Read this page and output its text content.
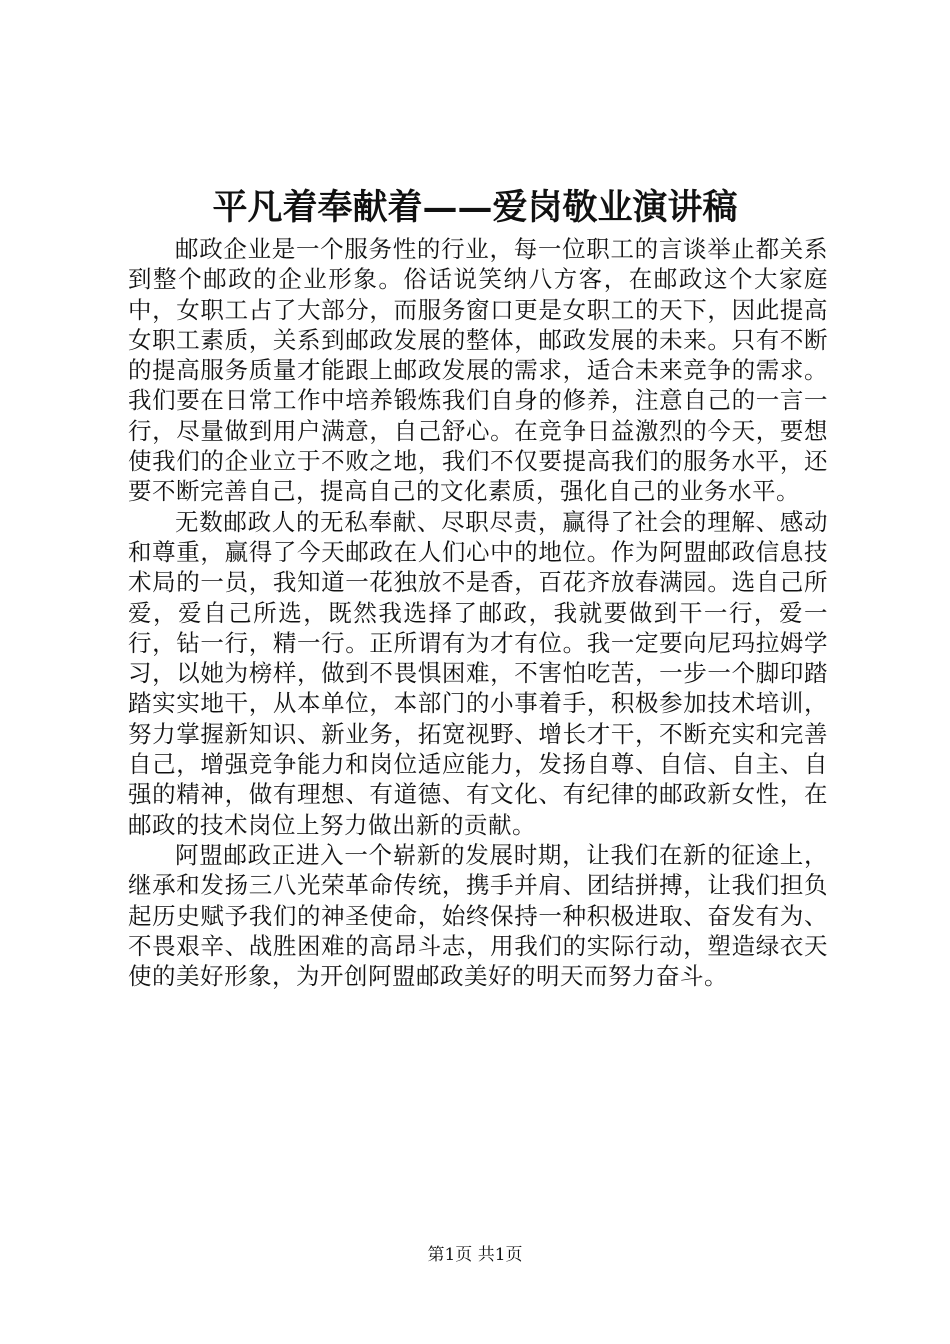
平凡着奉献着——爱岗敬业演讲稿

邮政企业是一个服务性的行业，每一位职工的言谈举止都关系到整个邮政的企业形象。俗话说笑纳八方客，在邮政这个大家庭中，女职工占了大部分，而服务窗口更是女职工的天下，因此提高女职工素质，关系到邮政发展的整体，邮政发展的未来。只有不断的提高服务质量才能跟上邮政发展的需求，适合未来竞争的需求。我们要在日常工作中培养锻炼我们自身的修养，注意自己的一言一行，尽量做到用户满意，自己舒心。在竞争日益激烈的今天，要想使我们的企业立于不败之地，我们不仅要提高我们的服务水平，还要不断完善自己，提高自己的文化素质，强化自己的业务水平。

无数邮政人的无私奉献、尽职尽责，赢得了社会的理解、感动和尊重，赢得了今天邮政在人们心中的地位。作为阿盟邮政信息技术局的一员，我知道一花独放不是香，百花齐放春满园。选自己所爱，爱自己所选，既然我选择了邮政，我就要做到干一行，爱一行，钻一行，精一行。正所谓有为才有位。我一定要向尼玛拉姆学习，以她为榜样，做到不畏惧困难，不害怕吃苦，一步一个脚印踏踏实实地干，从本单位，本部门的小事着手，积极参加技术培训，努力掌握新知识、新业务，拓宽视野、增长才干，不断充实和完善自己，增强竞争能力和岗位适应能力，发扬自尊、自信、自主、自强的精神，做有理想、有道德、有文化、有纪律的邮政新女性，在邮政的技术岗位上努力做出新的贡献。

阿盟邮政正进入一个崭新的发展时期，让我们在新的征途上，继承和发扬三八光荣革命传统，携手并肩、团结拼搏，让我们担负起历史赋予我们的神圣使命，始终保持一种积极进取、奋发有为、不畏艰辛、战胜困难的高昂斗志，用我们的实际行动，塑造绿衣天使的美好形象，为开创阿盟邮政美好的明天而努力奋斗。

第1页 共1页
